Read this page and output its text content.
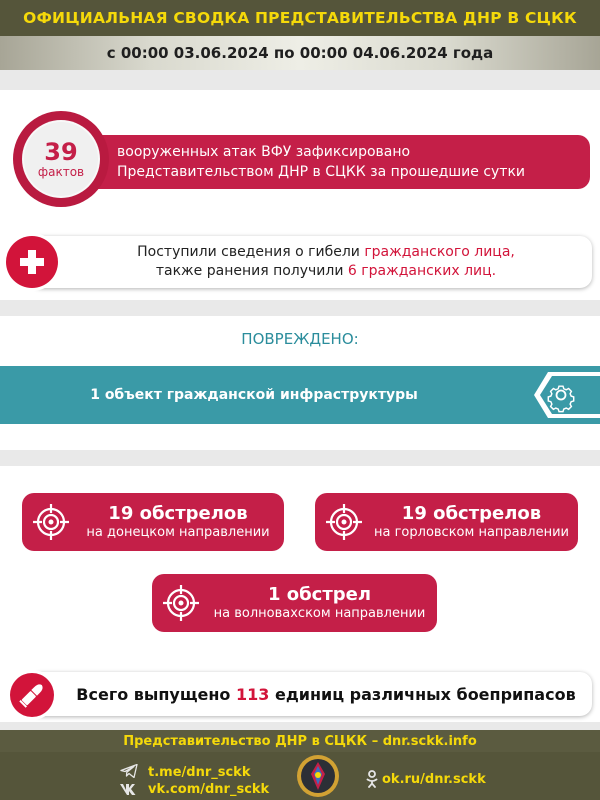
ОФИЦИАЛЬНАЯ СВОДКА ПРЕДСТАВИТЕЛЬСТВА ДНР В СЦКК
с 00:00 03.06.2024 по 00:00 04.06.2024 года
вооруженных атак ВФУ зафиксировано
Представительством ДНР в СЦКК за прошедшие сутки
39
фактов
Поступили сведения о гибели гражданского лица,
также ранения получили 6 гражданских лиц.
ПОВРЕЖДЕНО:
1 объект гражданской инфраструктуры
19 обстрелов
на донецком направлении
19 обстрелов
на горловском направлении
1 обстрел
на волновахском направлении
Всего выпущено 113 единиц различных боеприпасов
Представительство ДНР в СЦКК – dnr.sckk.info
t.me/dnr_sckk
vk.com/dnr_sckk
ok.ru/dnr.sckk
